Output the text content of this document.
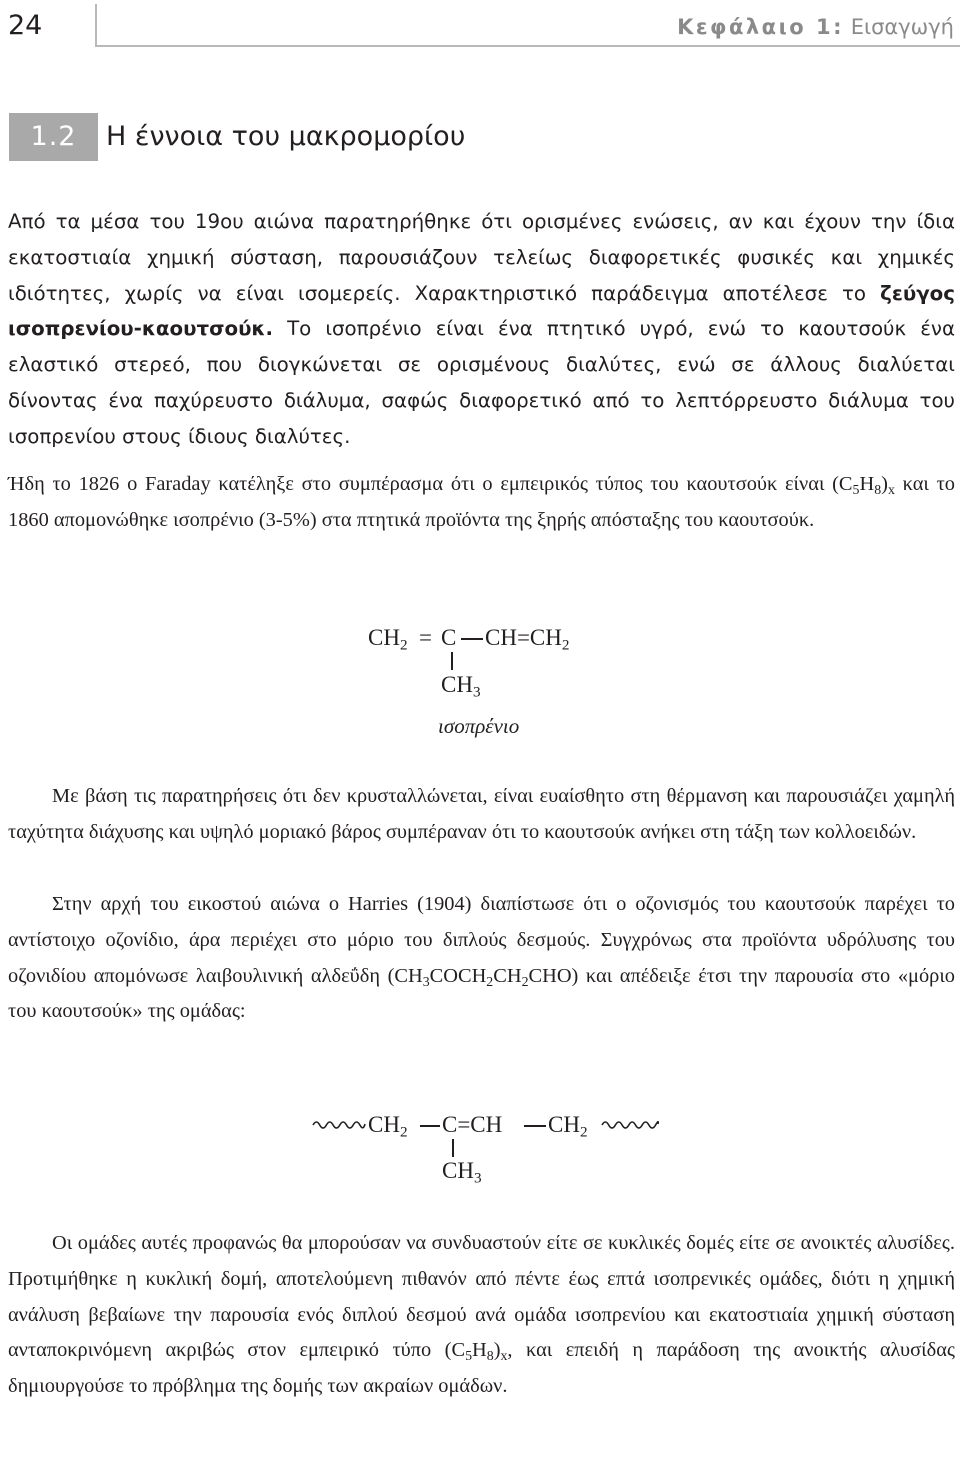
24	Κεφάλαιο 1: Εισαγωγή
1.2	Η έννοια του μακρομορίου

Από τα μέσα του 19ου αιώνα παρατηρήθηκε ότι ορισμένες ενώσεις, αν και έχουν την ίδια εκατοστιαία χημική σύσταση, παρουσιάζουν τελείως διαφορετικές φυσικές και χημικές ιδιότητες, χωρίς να είναι ισομερείς. Χαρακτηριστικό παράδειγμα αποτέλεσε το ζεύγος ισοπρενίου-καουτσούκ. Το ισοπρένιο είναι ένα πτητικό υγρό, ενώ το καουτσούκ ένα ελαστικό στερεό, που διογκώνεται σε ορισμένους διαλύτες, ενώ σε άλλους διαλύεται δίνοντας ένα παχύρευστο διάλυμα, σαφώς διαφορετικό από το λεπτόρρευστο διάλυμα του ισοπρενίου στους ίδιους διαλύτες.

Ήδη το 1826 ο Faraday κατέληξε στο συμπέρασμα ότι ο εμπειρικός τύπος του καουτσούκ είναι $(C_5H_8)_x$ και το 1860 απομονώθηκε ισοπρένιο (3-5%) στα πτητικά προϊόντα της ξηρής απόσταξης του καουτσούκ.

CH2 = C CH=CH2
CH3
ισοπρένιο

Με βάση τις παρατηρήσεις ότι δεν κρυσταλλώνεται, είναι ευαίσθητο στη θέρμανση και παρουσιάζει χαμηλή ταχύτητα διάχυσης και υψηλό μοριακό βάρος συμπέραναν ότι το καουτσούκ ανήκει στη τάξη των κολλοειδών.

Στην αρχή του εικοστού αιώνα ο Harries (1904) διαπίστωσε ότι ο οζονισμός του καουτσούκ παρέχει το αντίστοιχο οζονίδιο, άρα περιέχει στο μόριο του διπλούς δεσμούς. Συγχρόνως στα προϊόντα υδρόλυσης του οζονιδίου απομόνωσε λαιβουλινική αλδεΰδη $(CH_3COCH_2CH_2CHO)$ και απέδειξε έτσι την παρουσία στο «μόριο του καουτσούκ» της ομάδας:

CH2 C=CH CH2
CH3

Οι ομάδες αυτές προφανώς θα μπορούσαν να συνδυαστούν είτε σε κυκλικές δομές είτε σε ανοικτές αλυσίδες. Προτιμήθηκε η κυκλική δομή, αποτελούμενη πιθανόν από πέντε έως επτά ισοπρενικές ομάδες, διότι η χημική ανάλυση βεβαίωνε την παρουσία ενός διπλού δεσμού ανά ομάδα ισοπρενίου και εκατοστιαία χημική σύσταση ανταποκρινόμενη ακριβώς στον εμπειρικό τύπο $(C_5H_8)_x$, και επειδή η παράδοση της ανοικτής αλυσίδας δημιουργούσε το πρόβλημα της δομής των ακραίων ομάδων.
